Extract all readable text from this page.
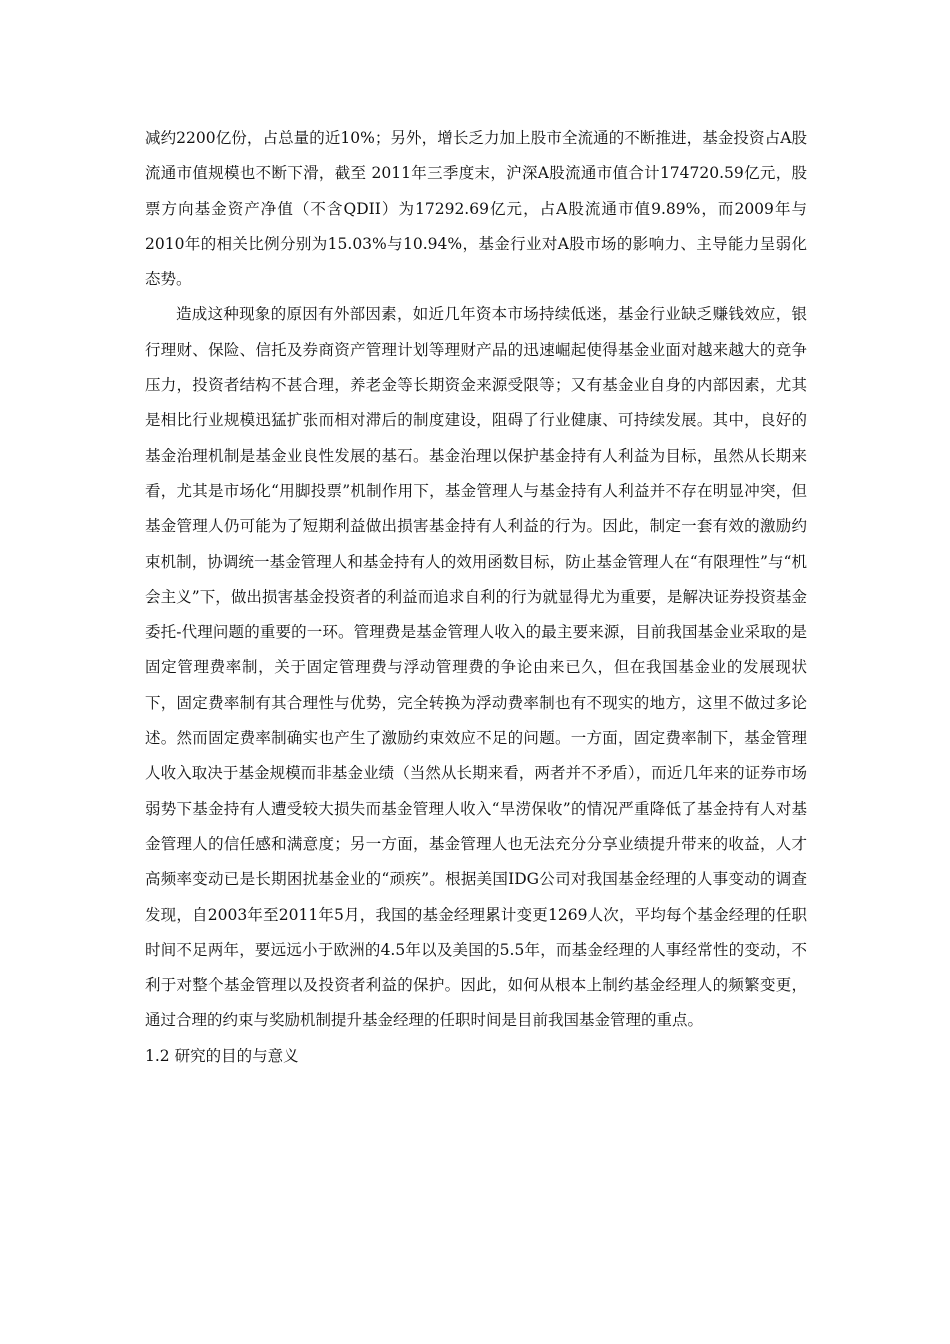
减约2200亿份，占总量的近10%；另外，增长乏力加上股市全流通的不断推进，基金投资占A股流通市值规模也不断下滑，截至 2011年三季度末，沪深A股流通市值合计174720.59亿元，股票方向基金资产净值（不含QDII）为17292.69亿元，占A股流通市值9.89%，而2009年与2010年的相关比例分别为15.03%与10.94%，基金行业对A股市场的影响力、主导能力呈弱化态势。

造成这种现象的原因有外部因素，如近几年资本市场持续低迷，基金行业缺乏赚钱效应，银行理财、保险、信托及券商资产管理计划等理财产品的迅速崛起使得基金业面对越来越大的竞争压力，投资者结构不甚合理，养老金等长期资金来源受限等；又有基金业自身的内部因素，尤其是相比行业规模迅猛扩张而相对滞后的制度建设，阻碍了行业健康、可持续发展。其中，良好的基金治理机制是基金业良性发展的基石。基金治理以保护基金持有人利益为目标，虽然从长期来看，尤其是市场化“用脚投票”机制作用下，基金管理人与基金持有人利益并不存在明显冲突，但基金管理人仍可能为了短期利益做出损害基金持有人利益的行为。因此，制定一套有效的激励约束机制，协调统一基金管理人和基金持有人的效用函数目标，防止基金管理人在“有限理性”与“机会主义”下，做出损害基金投资者的利益而追求自利的行为就显得尤为重要，是解决证券投资基金委托-代理问题的重要的一环。管理费是基金管理人收入的最主要来源，目前我国基金业采取的是固定管理费率制，关于固定管理费与浮动管理费的争论由来已久，但在我国基金业的发展现状下，固定费率制有其合理性与优势，完全转换为浮动费率制也有不现实的地方，这里不做过多论述。然而固定费率制确实也产生了激励约束效应不足的问题。一方面，固定费率制下，基金管理人收入取决于基金规模而非基金业绩（当然从长期来看，两者并不矛盾），而近几年来的证券市场弱势下基金持有人遭受较大损失而基金管理人收入“旱涝保收”的情况严重降低了基金持有人对基金管理人的信任感和满意度；另一方面，基金管理人也无法充分分享业绩提升带来的收益，人才高频率变动已是长期困扰基金业的“顽疾”。根据美国IDG公司对我国基金经理的人事变动的调查发现，自2003年至2011年5月，我国的基金经理累计变更1269人次，平均每个基金经理的任职时间不足两年，要远远小于欧洲的4.5年以及美国的5.5年，而基金经理的人事经常性的变动，不利于对整个基金管理以及投资者利益的保护。因此，如何从根本上制约基金经理人的频繁变更，通过合理的约束与奖励机制提升基金经理的任职时间是目前我国基金管理的重点。

1.2 研究的目的与意义
